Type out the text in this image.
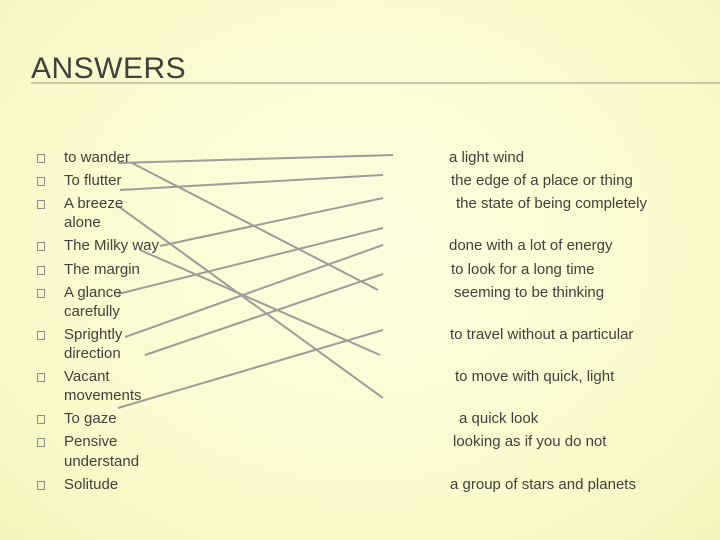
ANSWERS
to wander
To flutter
A breeze
alone
The Milky way
The margin
A glance
carefully
Sprightly
direction
Vacant
movements
To gaze
Pensive
understand
Solitude
a light wind
the edge of a place or thing
the state of being completely
done with a lot of energy
to look for a long time
seeming to be thinking
to travel without a particular
to move with quick, light
a quick look
looking as if you do not
a group of stars and planets
